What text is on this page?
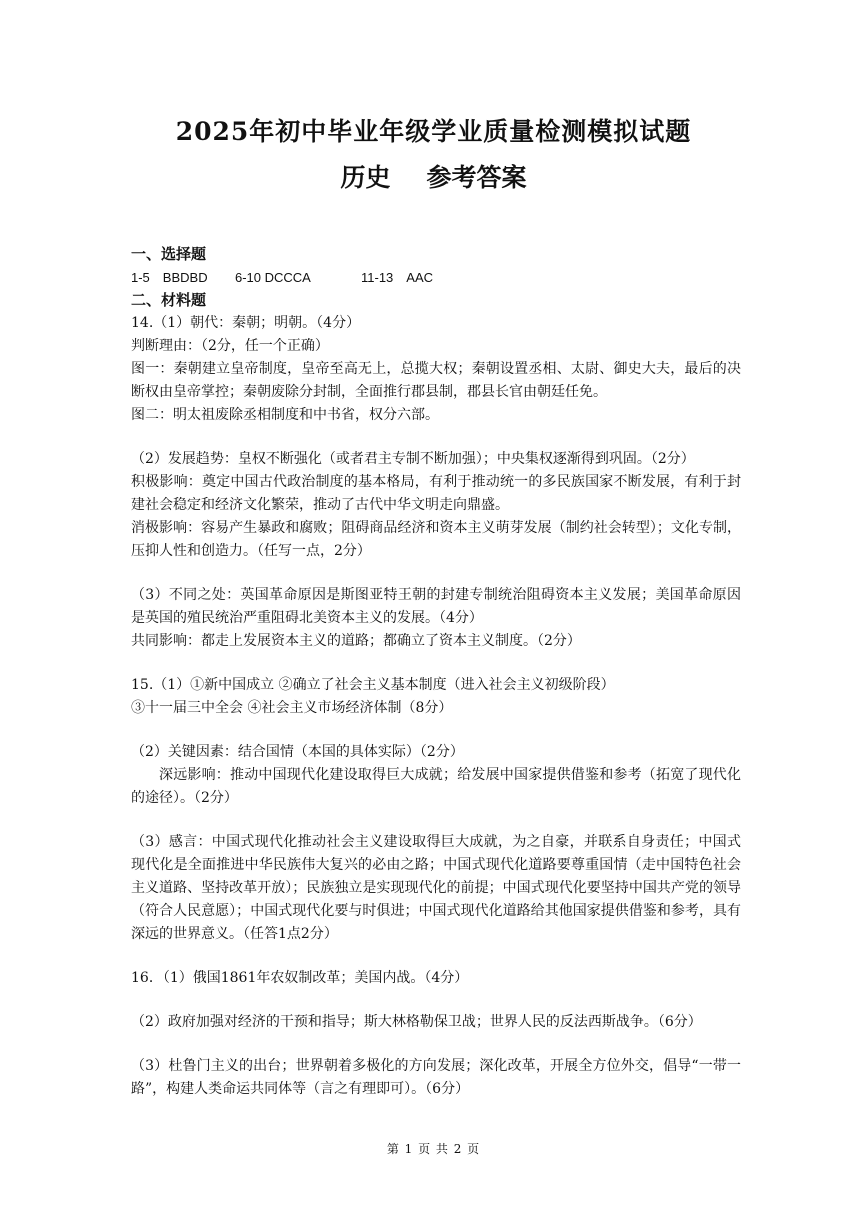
2025年初中毕业年级学业质量检测模拟试题
历史 参考答案

一、选择题

1-5　BBDBD 6-10 DCCCA	11-13　AAC

二、材料题

14.（1）朝代：秦朝；明朝。（4分）

判断理由：（2分，任一个正确）

图一：秦朝建立皇帝制度，皇帝至高无上，总揽大权；秦朝设置丞相、太尉、御史大夫，最后的决断权由皇帝掌控；秦朝废除分封制，全面推行郡县制，郡县长官由朝廷任免。

图二：明太祖废除丞相制度和中书省，权分六部。

（2）发展趋势：皇权不断强化（或者君主专制不断加强）；中央集权逐渐得到巩固。（2分）

积极影响：奠定中国古代政治制度的基本格局，有利于推动统一的多民族国家不断发展，有利于封建社会稳定和经济文化繁荣，推动了古代中华文明走向鼎盛。

消极影响：容易产生暴政和腐败；阻碍商品经济和资本主义萌芽发展（制约社会转型）；文化专制，压抑人性和创造力。（任写一点，2分）

（3）不同之处：英国革命原因是斯图亚特王朝的封建专制统治阻碍资本主义发展；美国革命原因是英国的殖民统治严重阻碍北美资本主义的发展。（4分）

共同影响：都走上发展资本主义的道路；都确立了资本主义制度。（2分）

15.（1）①新中国成立 ②确立了社会主义基本制度（进入社会主义初级阶段）

③十一届三中全会 ④社会主义市场经济体制（8分）

（2）关键因素：结合国情（本国的具体实际）（2分）

深远影响：推动中国现代化建设取得巨大成就；给发展中国家提供借鉴和参考（拓宽了现代化的途径）。（2分）

（3）感言：中国式现代化推动社会主义建设取得巨大成就，为之自豪，并联系自身责任；中国式现代化是全面推进中华民族伟大复兴的必由之路；中国式现代化道路要尊重国情（走中国特色社会主义道路、坚持改革开放）；民族独立是实现现代化的前提；中国式现代化要坚持中国共产党的领导（符合人民意愿）；中国式现代化要与时俱进；中国式现代化道路给其他国家提供借鉴和参考，具有深远的世界意义。（任答1点2分）

16．（1）俄国1861年农奴制改革；美国内战。（4分）

（2）政府加强对经济的干预和指导；斯大林格勒保卫战；世界人民的反法西斯战争。（6分）

（3）杜鲁门主义的出台；世界朝着多极化的方向发展；深化改革，开展全方位外交，倡导“一带一路”，构建人类命运共同体等（言之有理即可）。（6分）

第 1 页 共 2 页
